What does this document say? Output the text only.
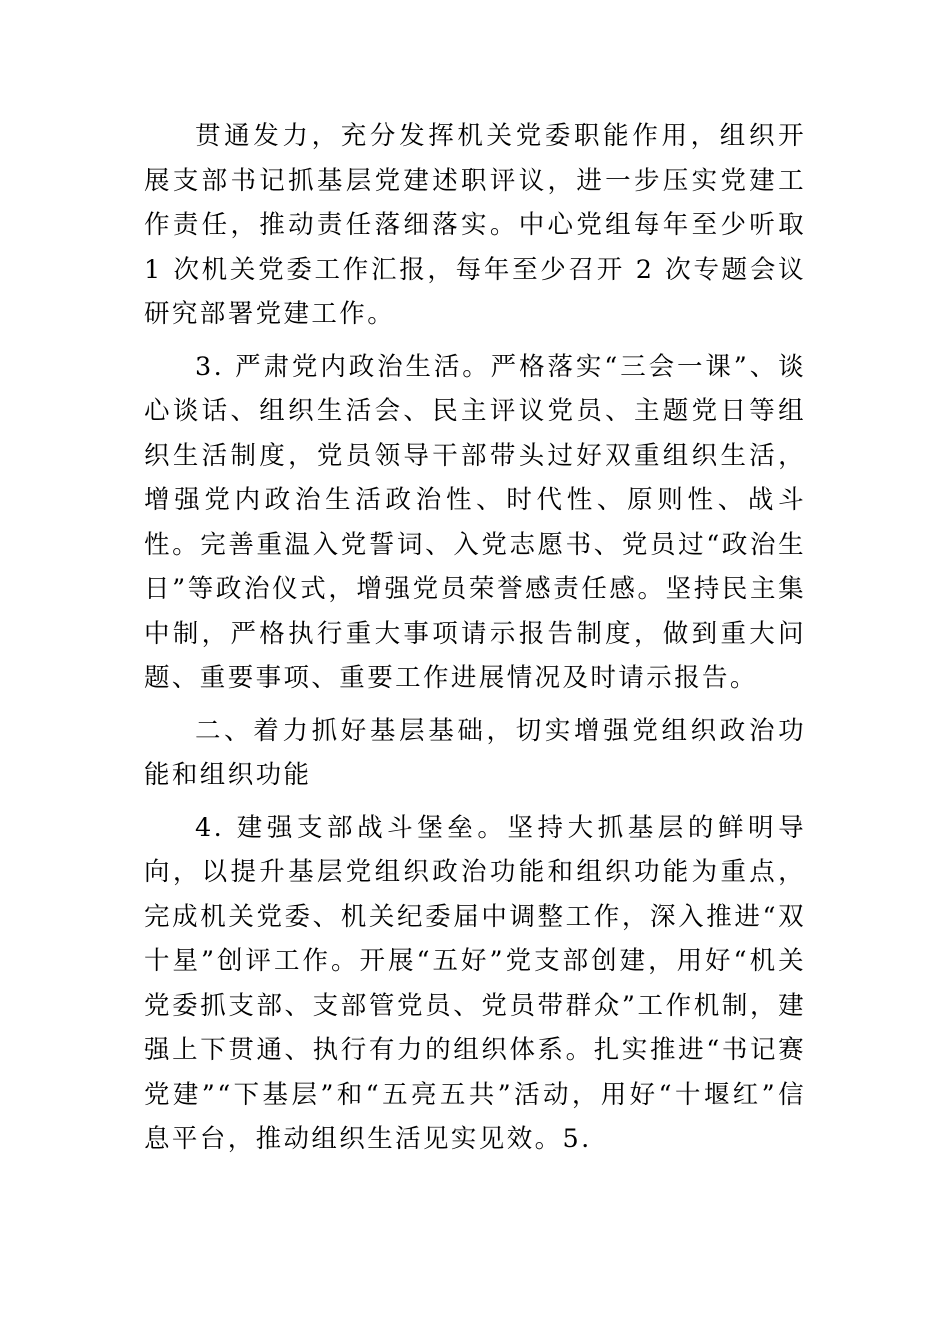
贯通发力，充分发挥机关党委职能作用，组织开展支部书记抓基层党建述职评议，进一步压实党建工作责任，推动责任落细落实。中心党组每年至少听取 1 次机关党委工作汇报，每年至少召开 2 次专题会议研究部署党建工作。

3. 严肃党内政治生活。严格落实“三会一课”、谈心谈话、组织生活会、民主评议党员、主题党日等组织生活制度，党员领导干部带头过好双重组织生活，增强党内政治生活政治性、时代性、原则性、战斗性。完善重温入党誓词、入党志愿书、党员过“政治生日”等政治仪式，增强党员荣誉感责任感。坚持民主集中制，严格执行重大事项请示报告制度，做到重大问题、重要事项、重要工作进展情况及时请示报告。

二、着力抓好基层基础，切实增强党组织政治功能和组织功能

4. 建强支部战斗堡垒。坚持大抓基层的鲜明导向，以提升基层党组织政治功能和组织功能为重点，完成机关党委、机关纪委届中调整工作，深入推进“双十星”创评工作。开展“五好”党支部创建，用好“机关党委抓支部、支部管党员、党员带群众”工作机制，建强上下贯通、执行有力的组织体系。扎实推进“书记赛党建”“下基层”和“五亮五共”活动，用好“十堰红”信息平台，推动组织生活见实见效。5.
